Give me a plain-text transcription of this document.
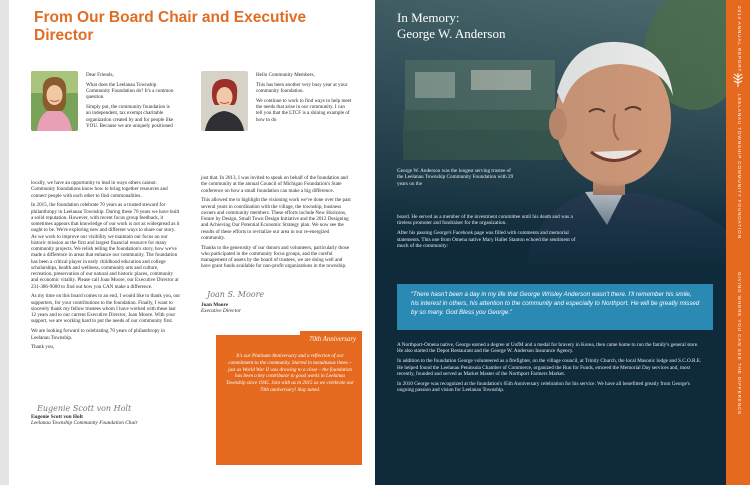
From Our Board Chair and Executive Director

Dear Friends,

What does the Leelanau Township Community Foundation do? It's a common question.

Simply put, the community foundation is an independent, tax exempt charitable organization created by and for people like YOU. Because we are uniquely positioned

locally, we have an opportunity to lead in ways others cannot. Community foundations know how to bring together resources and connect people with each other to find commonalities.

In 2015, the foundation celebrate 70 years as a trusted steward for philanthropy in Leelanau Township. During these 70 years we have built a solid reputation. However, with recent focus group feedback, it sometimes appears that knowledge of our work is not as widespread as it ought to be. We're exploring new and different ways to share our story. As we work to improve our visibility we maintain our focus on our historic mission as the first and largest financial resource for many community projects. We relish telling the foundation's story, how we've made a difference in areas that enhance our community. The foundation has been a critical player in early childhood education and college scholarships, health and wellness, community arts and culture, recreation, preservation of our natural and historic places, community and economic vitality. Please call Joan Moore, our Executive Director at 231-386-9000 to find out how you CAN make a difference.

As my time on this board comes to an end, I would like to thank you, our supporters, for your contributions to the foundation. Finally, I want to sincerely thank my fellow trustees whom I have worked with these last 12 years and to our current Executive Director, Joan Moore. With your support, we are working hard to put the needs of our community first.

We are looking forward to celebrating 70 years of philanthropy in Leelanau Township.

Thank you,

Eugenie Scott von Holt
Eugenie Scott von Holt
Leelanau Township Community Foundation Chair

Hello Community Members,

This has been another very busy year at your community foundation.

We continue to work to find ways to help meet the needs that arise in our community. I can tell you that the LTCF is a shining example of how to do

just that. In 2013, I was invited to speak on behalf of the foundation and the community at the annual Council of Michigan Foundation's State conference on how a small foundation can make a big difference.

This allowed me to highlight the visioning work we've done over the past several years in coordination with the village, the township, business owners and community members. These efforts include New Horizons, Future by Design, Small Town Design Initiative and the 2012 Designing and Achieving Our Potential Economic Strategy plan. We now see the results of these efforts to revitalize our area in our re-energized community.

Thanks to the generosity of our donors and volunteers, particularly those who participated in the community focus groups, and the careful management of assets by the board of trustees, we are doing well and have grant funds available for non-profit organizations in the township.

Joan S. Moore
Joan Moore
Executive Director
70th Anniversary
It's our Platinum Anniversary and a reflection of our commitment to the community. Started in tumultuous times – just as World War II was drawing to a close – the foundation has been a key contributor to good works in Leelanau Township since 1945. Join with us in 2015 as we celebrate our 70th anniversary! Stay tuned.
In Memory:
George W. Anderson
George W. Anderson was the longest serving trustee of the Leelanau Township Community Foundation with 29 years on the

board. He served as a member of the investment committee until his death and was a tireless promoter and fundraiser for the organization.

After his passing George's Facebook page was filled with comments and memorial statements. This one from Omena native Mary Hallet Stanton echoed the sentiment of much of the community:

“There hasn't been a day in my life that George Wrisley Anderson wasn't there. I'll remember his smile, his interest in others, his attention to the community and especially to Northport. He will be greatly missed by so many. God Bless you George.”

A Northport-Omena native, George earned a degree at UofM and a medal for bravery in Korea, then came home to run the family's general store. He also started the Depot Restaurant and the George W. Anderson Insurance Agency.

In addition to the foundation George volunteered as a firefighter, on the village council, at Trinity Church, the local Masonic lodge and S.C.O.R.E. He helped found the Leelanau Peninsula Chamber of Commerce, organized the Run for Funds, emceed the Memorial Day services and, most recently, founded and served as Market Master of the Northport Farmers Market.

In 2010 George was recognized at the foundation's 65th Anniversary celebration for his service. We have all benefitted greatly from George's ongoing passion and vision for Leelanau Township.

2014 ANNUAL REPORT
LEELANAU TOWNSHIP COMMUNITY FOUNDATION
GIVING WHERE YOU CAN SEE THE DIFFERENCE
